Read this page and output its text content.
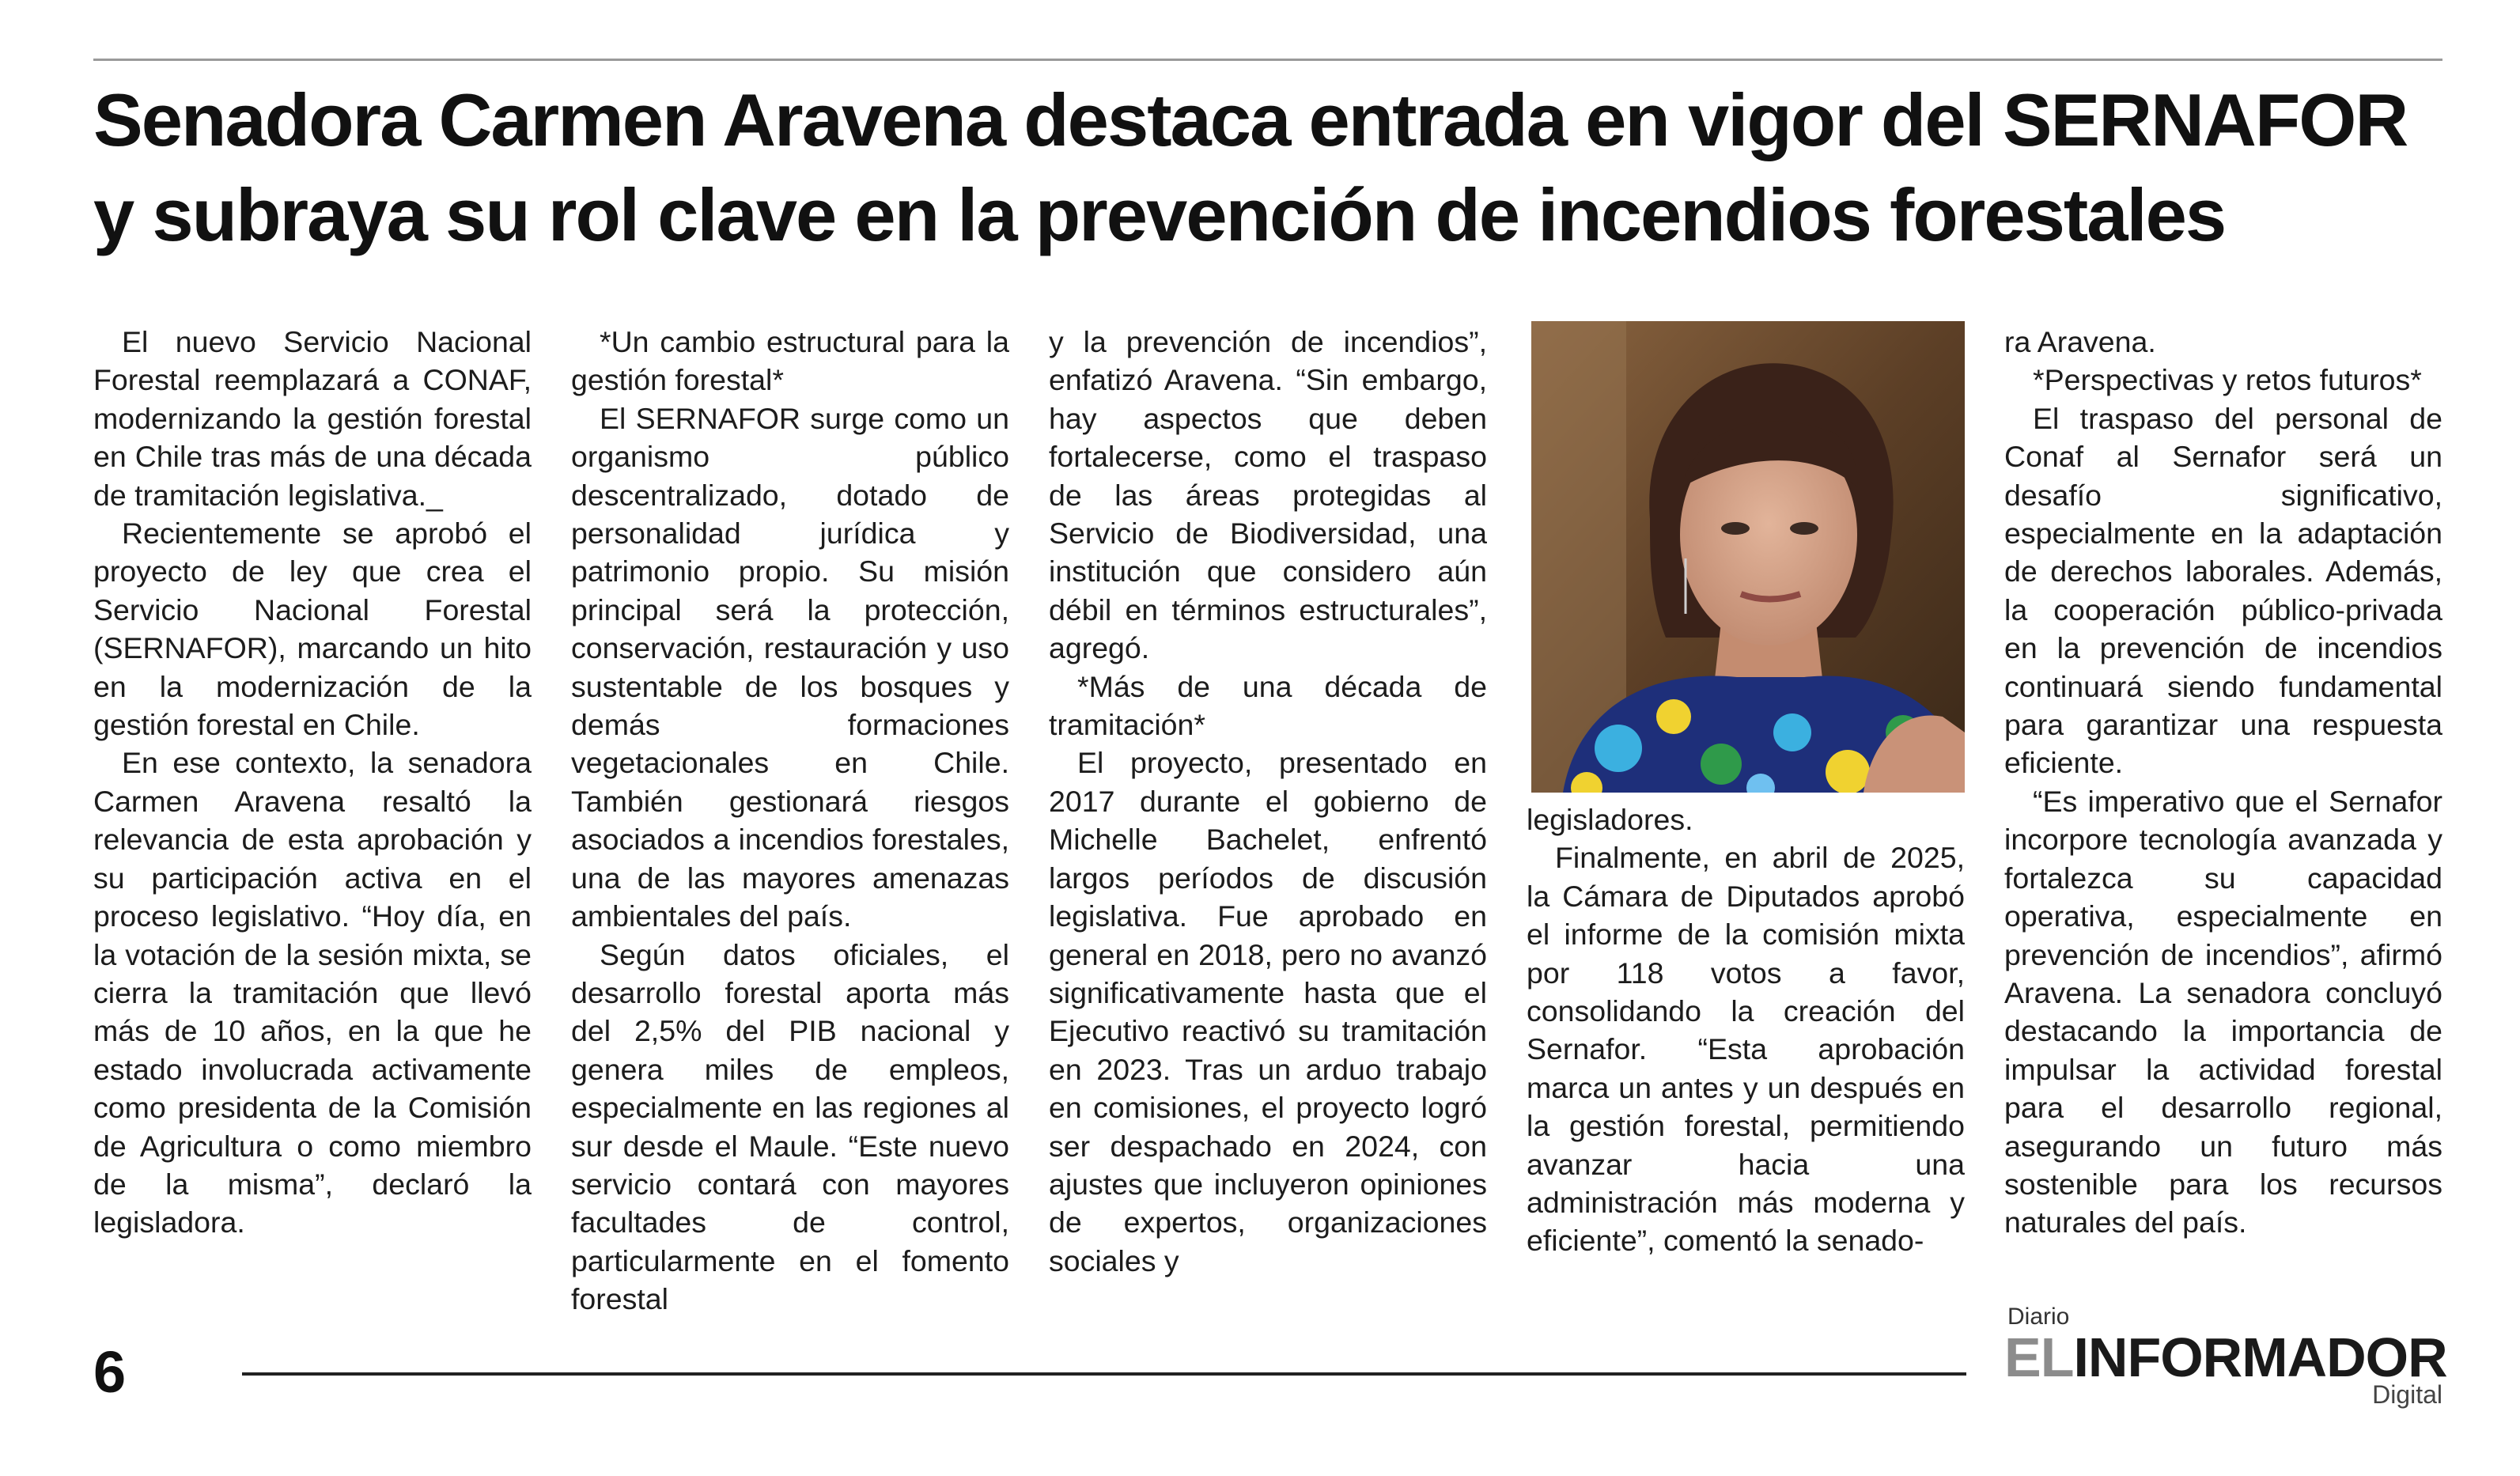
Senadora Carmen Aravena destaca entrada en vigor del SERNAFOR y subraya su rol clave en la prevención de incendios forestales

El nuevo Servicio Nacional Forestal reemplazará a CONAF, modernizando la gestión forestal en Chile tras más de una década de tramitación legislativa._

Recientemente se aprobó el proyecto de ley que crea el Servicio Nacional Forestal (SERNAFOR), marcando un hito en la modernización de la gestión forestal en Chile.

En ese contexto, la senadora Carmen Aravena resaltó la relevancia de esta aprobación y su participación activa en el proceso legislativo. “Hoy día, en la votación de la sesión mixta, se cierra la tramitación que llevó más de 10 años, en la que he estado involucrada activamente como presidenta de la Comisión de Agricultura o como miembro de la misma”, declaró la legisladora.

*Un cambio estructural para la gestión forestal*

El SERNAFOR surge como un organismo público descentralizado, dotado de personalidad jurídica y patrimonio propio. Su misión principal será la protección, conservación, restauración y uso sustentable de los bosques y demás formaciones vegetacionales en Chile. También gestionará riesgos asociados a incendios forestales, una de las mayores amenazas ambientales del país.

Según datos oficiales, el desarrollo forestal aporta más del 2,5% del PIB nacional y genera miles de empleos, especialmente en las regiones al sur desde el Maule. “Este nuevo servicio contará con mayores facultades de control, particularmente en el fomento forestal

y la prevención de incendios”, enfatizó Aravena. “Sin embargo, hay aspectos que deben fortalecerse, como el traspaso de las áreas protegidas al Servicio de Biodiversidad, una institución que considero aún débil en términos estructurales”, agregó.

*Más de una década de tramitación*

El proyecto, presentado en 2017 durante el gobierno de Michelle Bachelet, enfrentó largos períodos de discusión legislativa. Fue aprobado en general en 2018, pero no avanzó significativamente hasta que el Ejecutivo reactivó su tramitación en 2023. Tras un arduo trabajo en comisiones, el proyecto logró ser despachado en 2024, con ajustes que incluyeron opiniones de expertos, organizaciones sociales y

legisladores.

Finalmente, en abril de 2025, la Cámara de Diputados aprobó el informe de la comisión mixta por 118 votos a favor, consolidando la creación del Sernafor. “Esta aprobación marca un antes y un después en la gestión forestal, permitiendo avanzar hacia una administración más moderna y eficiente”, comentó la senado-

ra Aravena.

*Perspectivas y retos futuros*

El traspaso del personal de Conaf al Sernafor será un desafío significativo, especialmente en la adaptación de derechos laborales. Además, la cooperación público-privada en la prevención de incendios continuará siendo fundamental para garantizar una respuesta eficiente.

“Es imperativo que el Sernafor incorpore tecnología avanzada y fortalezca su capacidad operativa, especialmente en prevención de incendios”, afirmó Aravena. La senadora concluyó destacando la importancia de impulsar la actividad forestal para el desarrollo regional, asegurando un futuro más sostenible para los recursos naturales del país.

6
Diario
ELINFORMADOR
Digital
